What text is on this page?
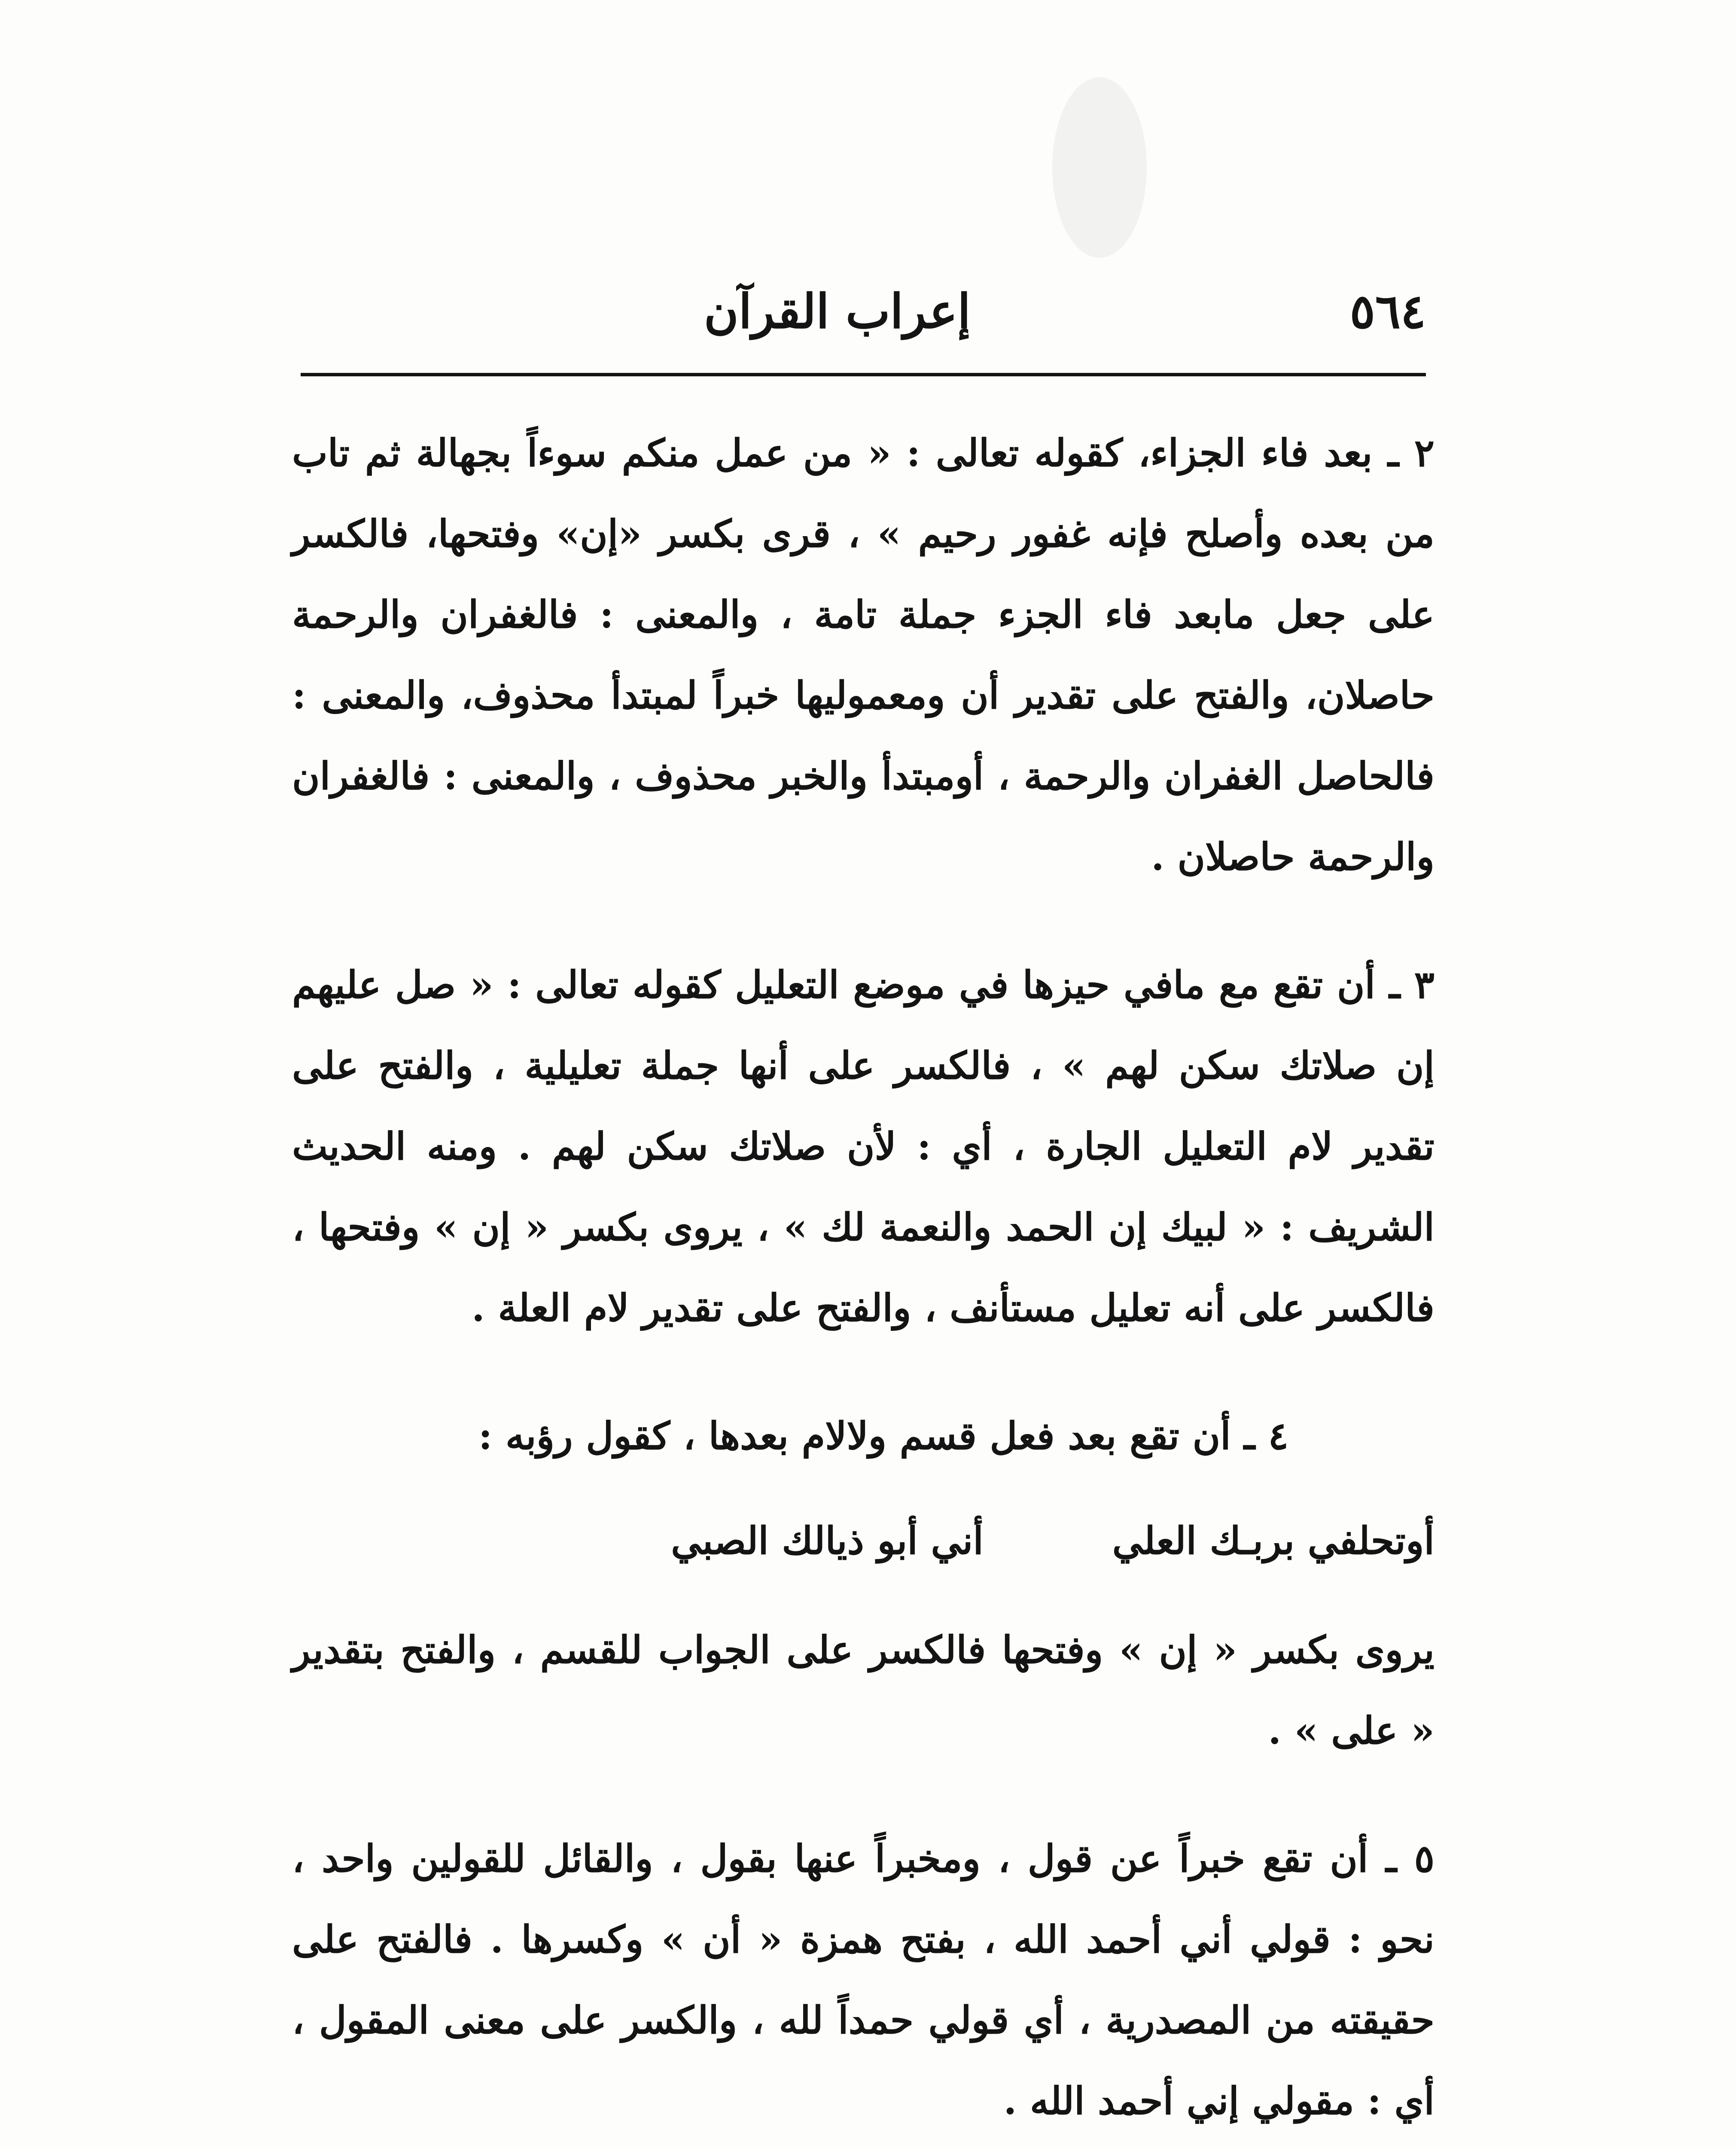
٥٦٤
إعراب القرآن

٢ ـ بعد فاء الجزاء، كقوله تعالى : « من عمل منكم سوءاً بجهالة ثم تاب من بعده وأصلح فإنه غفور رحيم » ، قرى بكسر «إن» وفتحها، فالكسر على جعل مابعد فاء الجزء جملة تامة ، والمعنى : فالغفران والرحمة حاصلان، والفتح على تقدير أن ومعموليها خبراً لمبتدأ محذوف، والمعنى : فالحاصل الغفران والرحمة ، أومبتدأ والخبر محذوف ، والمعنى : فالغفران والرحمة حاصلان .

٣ ـ أن تقع مع مافي حيزها في موضع التعليل كقوله تعالى : « صل عليهم إن صلاتك سكن لهم » ، فالكسر على أنها جملة تعليلية ، والفتح على تقدير لام التعليل الجارة ، أي : لأن صلاتك سكن لهم . ومنه الحديث الشريف : « لبيك إن الحمد والنعمة لك » ، يروى بكسر « إن » وفتحها ، فالكسر على أنه تعليل مستأنف ، والفتح على تقدير لام العلة .

٤ ـ أن تقع بعد فعل قسم ولالام بعدها ، كقول رؤبه :

أوتحلفي بربـك العلي
أني أبو ذيالك الصبي

يروى بكسر « إن » وفتحها فالكسر على الجواب للقسم ، والفتح بتقدير « على » .

٥ ـ أن تقع خبراً عن قول ، ومخبراً عنها بقول ، والقائل للقولين واحد ، نحو : قولي أني أحمد الله ، بفتح همزة « أن » وكسرها . فالفتح على حقيقته من المصدرية ، أي قولي حمداً لله ، والكسر على معنى المقول ، أي : مقولي إني أحمد الله .
